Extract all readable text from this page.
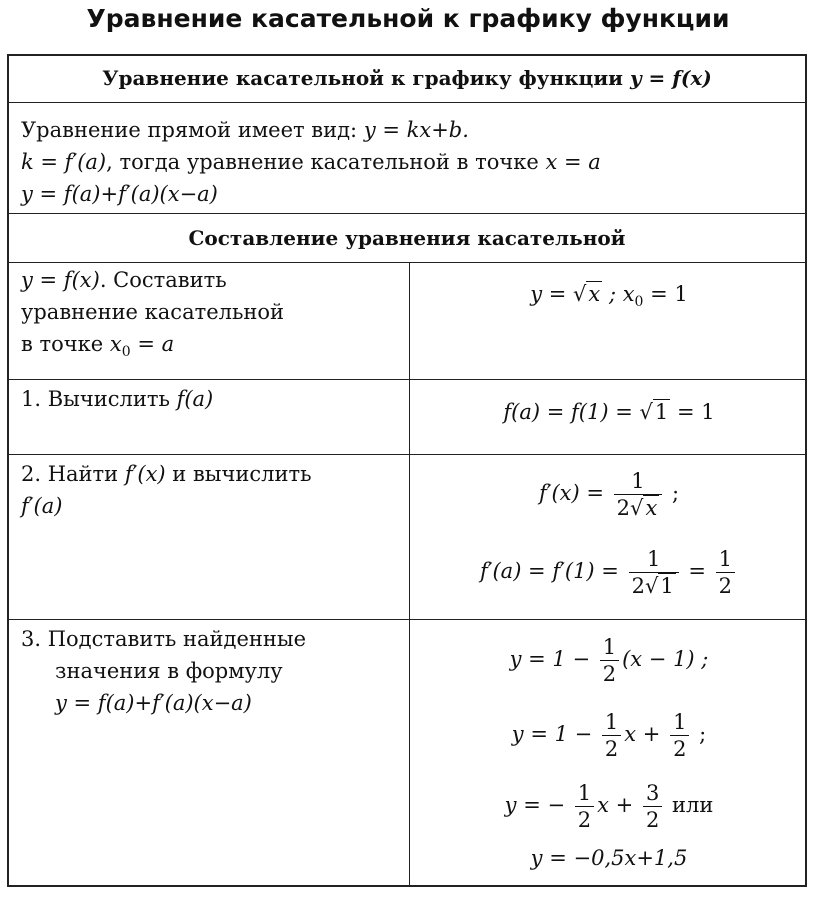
Уравнение касательной к графику функции
Уравнение касательной к графику функции y = f(x)
Уравнение прямой имеет вид: y = kx+b.
k = f′(a), тогда уравнение касательной в точке x = a
y = f(a)+f′(a)(x−a)
Составление уравнения касательной
y = f(x). Составить
уравнение касательной
в точке $x_0 = a$
y = √x ; $x_0 = 1$
1. Вычислить f(a)
f(a) = f(1) = √1 = 1
2. Найти f′(x) и вычислить
f′(a)
$f'(x) = \frac{1}{2√x}$ ;
$f'(a) = f'(1) = \frac{1}{2√1} = \frac{1}{2}$
3. Подставить найденные
значения в формулу
y = f(a)+f′(a)(x−a)
$y = 1 - \frac{1}{2} (x - 1)$ ;
$y = 1 - \frac{1}{2}$ $x + \frac{1}{2}$ ;
y = − $\frac{1}{2}$ $x + \frac{3}{2}$ или
y = −0,5x+1,5
